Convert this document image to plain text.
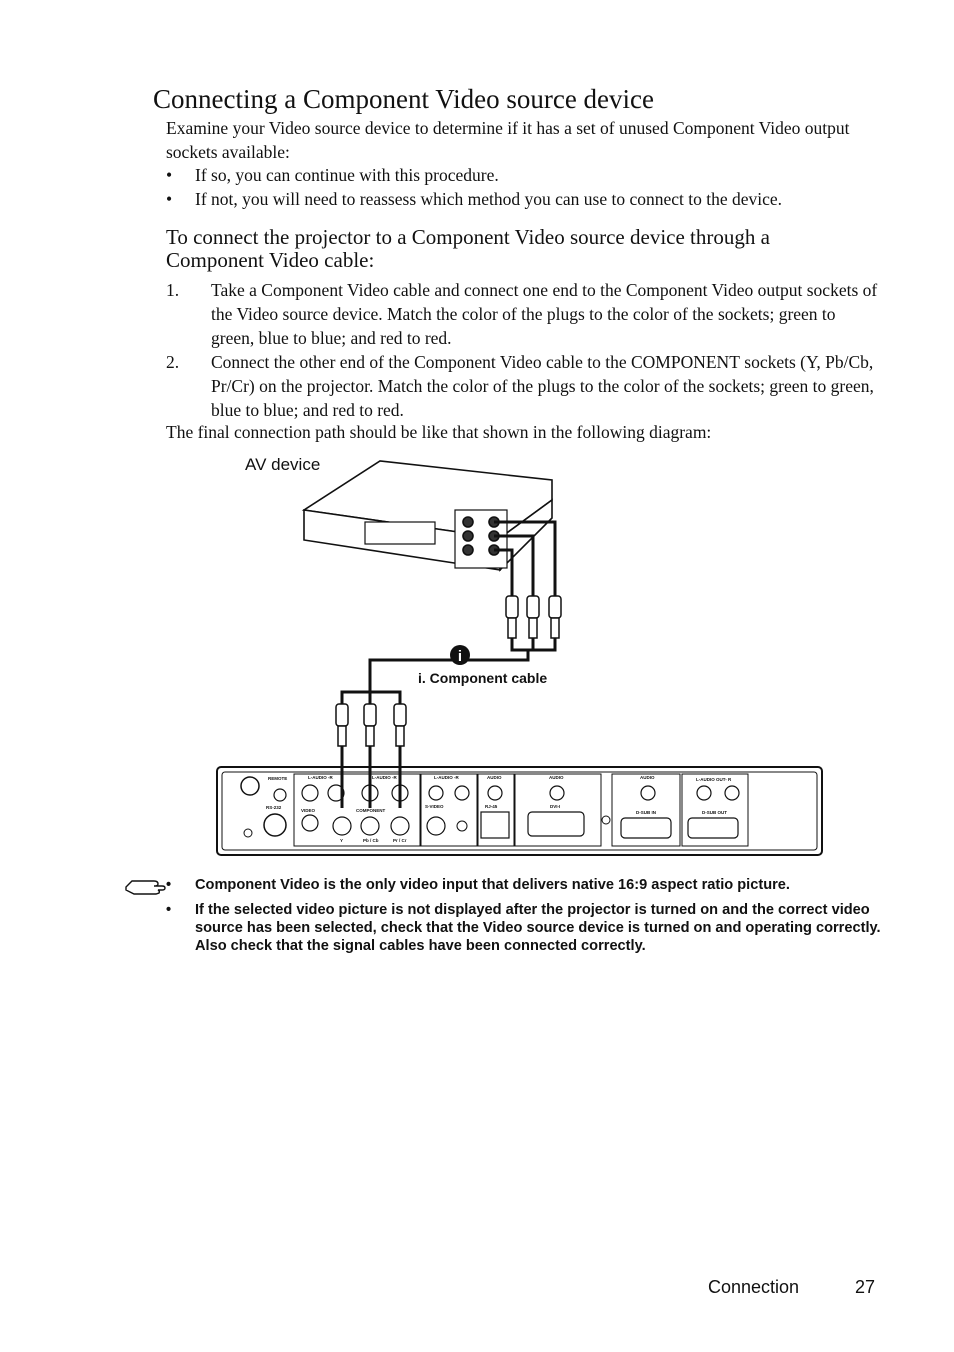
Connecting a Component Video source device

Examine your Video source device to determine if it has a set of unused Component Video output sockets available:

• If so, you can continue with this procedure.
• If not, you will need to reassess which method you can use to connect to the device.
To connect the projector to a Component Video source device through a Component Video cable:
1. Take a Component Video cable and connect one end to the Component Video output sockets of the Video source device. Match the color of the plugs to the color of the sockets; green to green, blue to blue; and red to red.
2. Connect the other end of the Component Video cable to the COMPONENT sockets (Y, Pb/Cb, Pr/Cr) on the projector. Match the color of the plugs to the color of the sockets; green to green, blue to blue; and red to red.

The final connection path should be like that shown in the following diagram:

AV device
i
i. Component cable
REMOTE
RS-232
L-AUDIO -R
VIDEO
L-AUDIO -R
COMPONENT
Y	Pb / Cb	Pr / Cr
L-AUDIO -R
S-VIDEO
AUDIO
RJ-45
AUDIO
DVI-I
AUDIO
D-SUB IN
L-AUDIO OUT- R
D-SUB OUT
• Component Video is the only video input that delivers native 16:9 aspect ratio picture.
• If the selected video picture is not displayed after the projector is turned on and the correct video source has been selected, check that the Video source device is turned on and operating correctly. Also check that the signal cables have been connected correctly.
Connection	27
